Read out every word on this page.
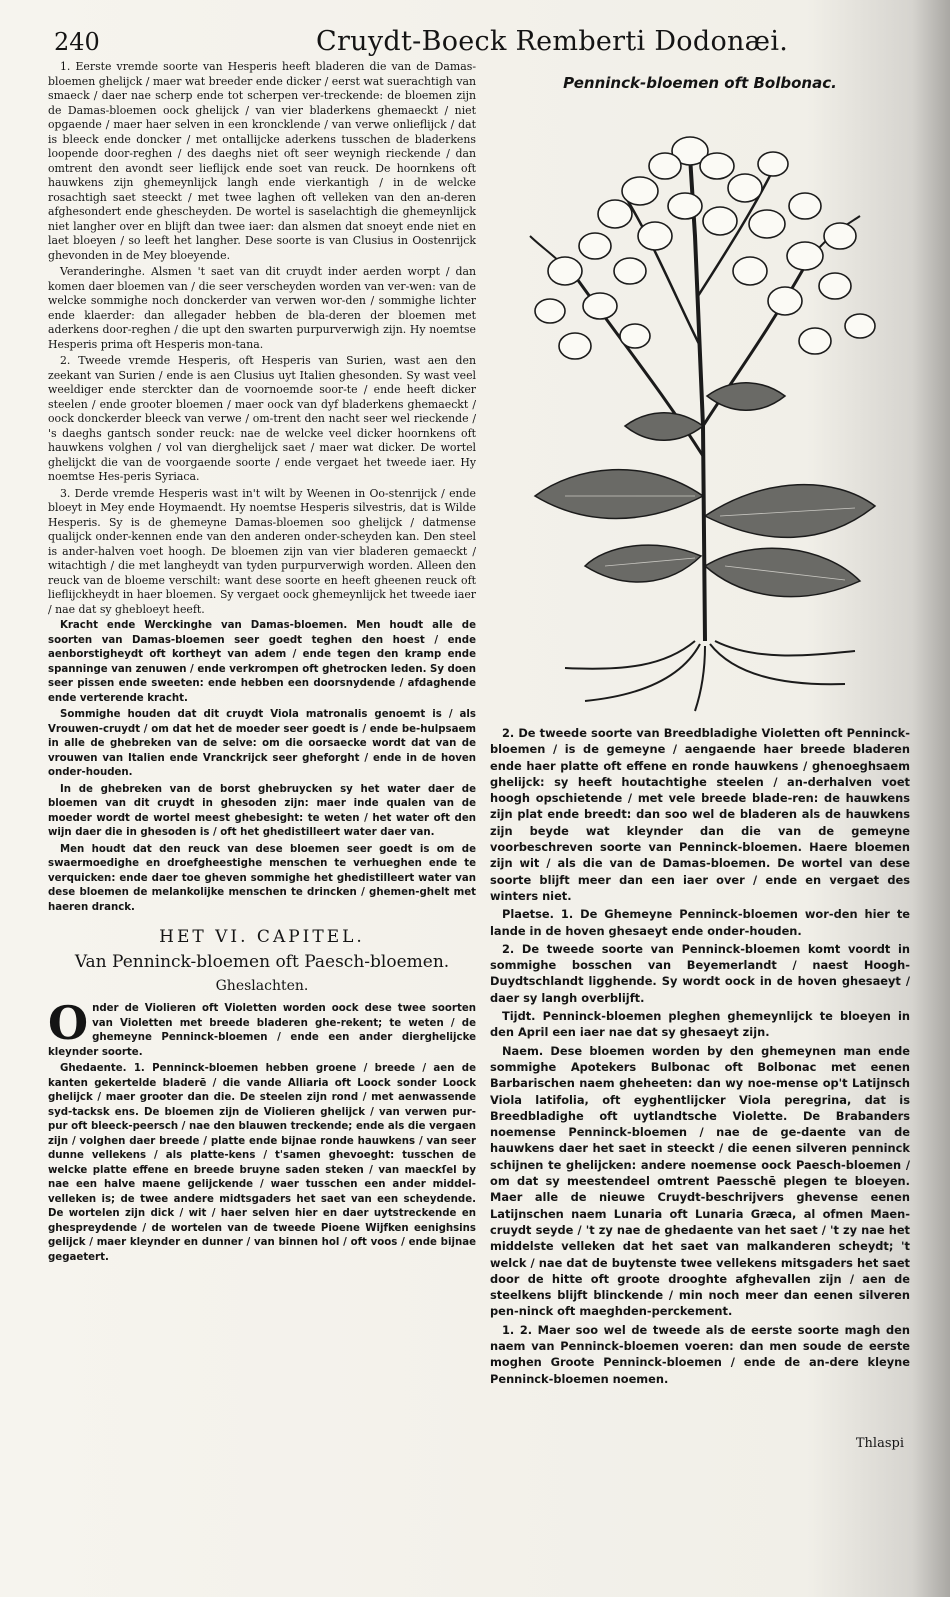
240	Cruydt-Boeck Remberti Dodonæi.

1. Eerste vremde soorte van Hesperis heeft bladeren die van de Damas-bloemen ghelijck / maer wat breeder ende dicker / eerst wat suerachtigh van smaeck / daer nae scherp ende tot scherpen ver-treckende: de bloemen zijn de Damas-bloemen oock ghelijck / van vier bladerkens ghemaeckt / niet opgaende / maer haer selven in een kroncklende / van verwe onlieflijck / dat is bleeck ende doncker / met ontallijcke aderkens tusschen de bladerkens loopende door-reghen / des daeghs niet oft seer weynigh rieckende / dan omtrent den avondt seer lieflijck ende soet van reuck. De hoornkens oft hauwkens zijn ghemeynlijck langh ende vierkantigh / in de welcke rosachtigh saet steeckt / met twee laghen oft velleken van den an-deren afghesondert ende ghescheyden. De wortel is saselachtigh die ghemeynlijck niet langher over en blijft dan twee iaer: dan alsmen dat snoeyt ende niet en laet bloeyen / so leeft het langher. Dese soorte is van Clusius in Oostenrijck ghevonden in de Mey bloeyende.

Veranderinghe. Alsmen 't saet van dit cruydt inder aerden worpt / dan komen daer bloemen van / die seer verscheyden worden van ver-wen: van de welcke sommighe noch donckerder van verwen wor-den / sommighe lichter ende klaerder: dan allegader hebben de bla-deren der bloemen met aderkens door-reghen / die upt den swarten purpurverwigh zijn. Hy noemtse Hesperis prima oft Hesperis mon-tana.

2. Tweede vremde Hesperis, oft Hesperis van Surien, wast aen den zeekant van Surien / ende is aen Clusius uyt Italien ghesonden. Sy wast veel weeldiger ende sterckter dan de voornoemde soor-te / ende heeft dicker steelen / ende grooter bloemen / maer oock van dyf bladerkens ghemaeckt / oock donckerder bleeck van verwe / om-trent den nacht seer wel rieckende / 's daeghs gantsch sonder reuck: nae de welcke veel dicker hoornkens oft hauwkens volghen / vol van dierghelijck saet / maer wat dicker. De wortel ghelijckt die van de voorgaende soorte / ende vergaet het tweede iaer. Hy noemtse Hes-peris Syriaca.

3. Derde vremde Hesperis wast in't wilt by Weenen in Oo-stenrijck / ende bloeyt in Mey ende Hoymaendt. Hy noemtse Hesperis silvestris, dat is Wilde Hesperis. Sy is de ghemeyne Damas-bloemen soo ghelijck / datmense qualijck onder-kennen ende van den anderen onder-scheyden kan. Den steel is ander-halven voet hoogh. De bloemen zijn van vier bladeren gemaeckt / witachtigh / die met langheydt van tyden purpurverwigh worden. Alleen den reuck van de bloeme verschilt: want dese soorte en heeft gheenen reuck oft lieflijckheydt in haer bloemen. Sy vergaet oock ghemeynlijck het tweede iaer / nae dat sy ghebloeyt heeft.

Kracht ende Werckinghe van Damas-bloemen. Men houdt alle de soorten van Damas-bloemen seer goedt teghen den hoest / ende aenborstigheydt oft kortheyt van adem / ende tegen den kramp ende spanninge van zenuwen / ende verkrompen oft ghetrocken leden. Sy doen seer pissen ende sweeten: ende hebben een doorsnydende / afdaghende ende verterende kracht.

Sommighe houden dat dit cruydt Viola matronalis genoemt is / als Vrouwen-cruydt / om dat het de moeder seer goedt is / ende be-hulpsaem in alle de ghebreken van de selve: om die oorsaecke wordt dat van de vrouwen van Italien ende Vranckrijck seer gheforght / ende in de hoven onder-houden.

In de ghebreken van de borst ghebruycken sy het water daer de bloemen van dit cruydt in ghesoden zijn: maer inde qualen van de moeder wordt de wortel meest ghebesight: te weten / het water oft den wijn daer die in ghesoden is / oft het ghedistilleert water daer van.

Men houdt dat den reuck van dese bloemen seer goedt is om de swaermoedighe en droefgheestighe menschen te verhueghen ende te verquicken: ende daer toe gheven sommighe het ghedistilleert water van dese bloemen de melankolijke menschen te drincken / ghemen-ghelt met haeren dranck.

HET VI. CAPITEL.
Van Penninck-bloemen oft Paesch-bloemen.
Gheslachten.

Onder de Violieren oft Violetten worden oock dese twee soorten van Violetten met breede bladeren ghe-rekent; te weten / de ghemeyne Penninck-bloemen / ende een ander dierghelijcke kleynder soorte.

Ghedaente. 1. Penninck-bloemen hebben groene / breede / aen de kanten gekertelde bladerē / die vande Alliaria oft Loock sonder Loock ghelijck / maer grooter dan die. De steelen zijn rond / met aenwassende syd-tacksk ens. De bloemen zijn de Violieren ghelijck / van verwen pur-pur oft bleeck-peersch / nae den blauwen treckende; ende als die vergaen zijn / volghen daer breede / platte ende bijnae ronde hauwkens / van seer dunne vellekens / als platte-kens / t'samen ghevoeght: tusschen de welcke platte effene en breede bruyne saden steken / van maeckſel by nae een halve maene gelijckende / waer tusschen een ander middel-velleken is; de twee andere midtsgaders het saet van een scheydende. De wortelen zijn dick / wit / haer selven hier en daer uytstreckende en ghespreydende / de wortelen van de tweede Pioene Wijfken eenighsins gelijck / maer kleynder en dunner / van binnen hol / oft voos / ende bijnae gegaetert.

Penninck-bloemen oft Bolbonac.

2. De tweede soorte van Breedbladighe Violetten oft Penninck-bloemen / is de gemeyne / aengaende haer breede bladeren ende haer platte oft effene en ronde hauwkens / ghenoeghsaem ghelijck: sy heeft houtachtighe steelen / an-derhalven voet hoogh opschietende / met vele breede blade-ren: de hauwkens zijn plat ende breedt: dan soo wel de bladeren als de hauwkens zijn beyde wat kleynder dan die van de gemeyne voorbeschreven soorte van Penninck-bloemen. Haere bloemen zijn wit / als die van de Damas-bloemen. De wortel van dese soorte blijft meer dan een iaer over / ende en vergaet des winters niet.

Plaetse. 1. De Ghemeyne Penninck-bloemen wor-den hier te lande in de hoven ghesaeyt ende onder-houden.

2. De tweede soorte van Penninck-bloemen komt voordt in sommighe bosschen van Beyemerlandt / naest Hoogh-Duydtschlandt ligghende. Sy wordt oock in de hoven ghesaeyt / daer sy langh overblijft.

Tijdt. Penninck-bloemen pleghen ghemeynlijck te bloeyen in den April een iaer nae dat sy ghesaeyt zijn.

Naem. Dese bloemen worden by den ghemeynen man ende sommighe Apotekers Bulbonac oft Bolbonac met eenen Barbarischen naem gheheeten: dan wy noe-mense op't Latijnsch Viola latifolia, oft eyghentlijcker Viola peregrina, dat is Breedbladighe oft uytlandtsche Violette. De Brabanders noemense Penninck-bloemen / nae de ge-daente van de hauwkens daer het saet in steeckt / die eenen silveren penninck schijnen te ghelijcken: andere noemense oock Paesch-bloemen / om dat sy meestendeel omtrent Paesschē plegen te bloeyen. Maer alle de nieuwe Cruydt-beschrijvers ghevense eenen Latijnschen naem Lunaria oft Lunaria Græca, al ofmen Maen-cruydt seyde / 't zy nae de ghedaente van het saet / 't zy nae het middelste velleken dat het saet van malkanderen scheydt; 't welck / nae dat de buytenste twee vellekens mitsgaders het saet door de hitte oft groote drooghte afghevallen zijn / aen de steelkens blijft blinckende / min noch meer dan eenen silveren pen-ninck oft maeghden-perckement.

1. 2. Maer soo wel de tweede als de eerste soorte magh den naem van Penninck-bloemen voeren: dan men soude de eerste moghen Groote Penninck-bloemen / ende de an-dere kleyne Penninck-bloemen noemen.

Thlaspi
